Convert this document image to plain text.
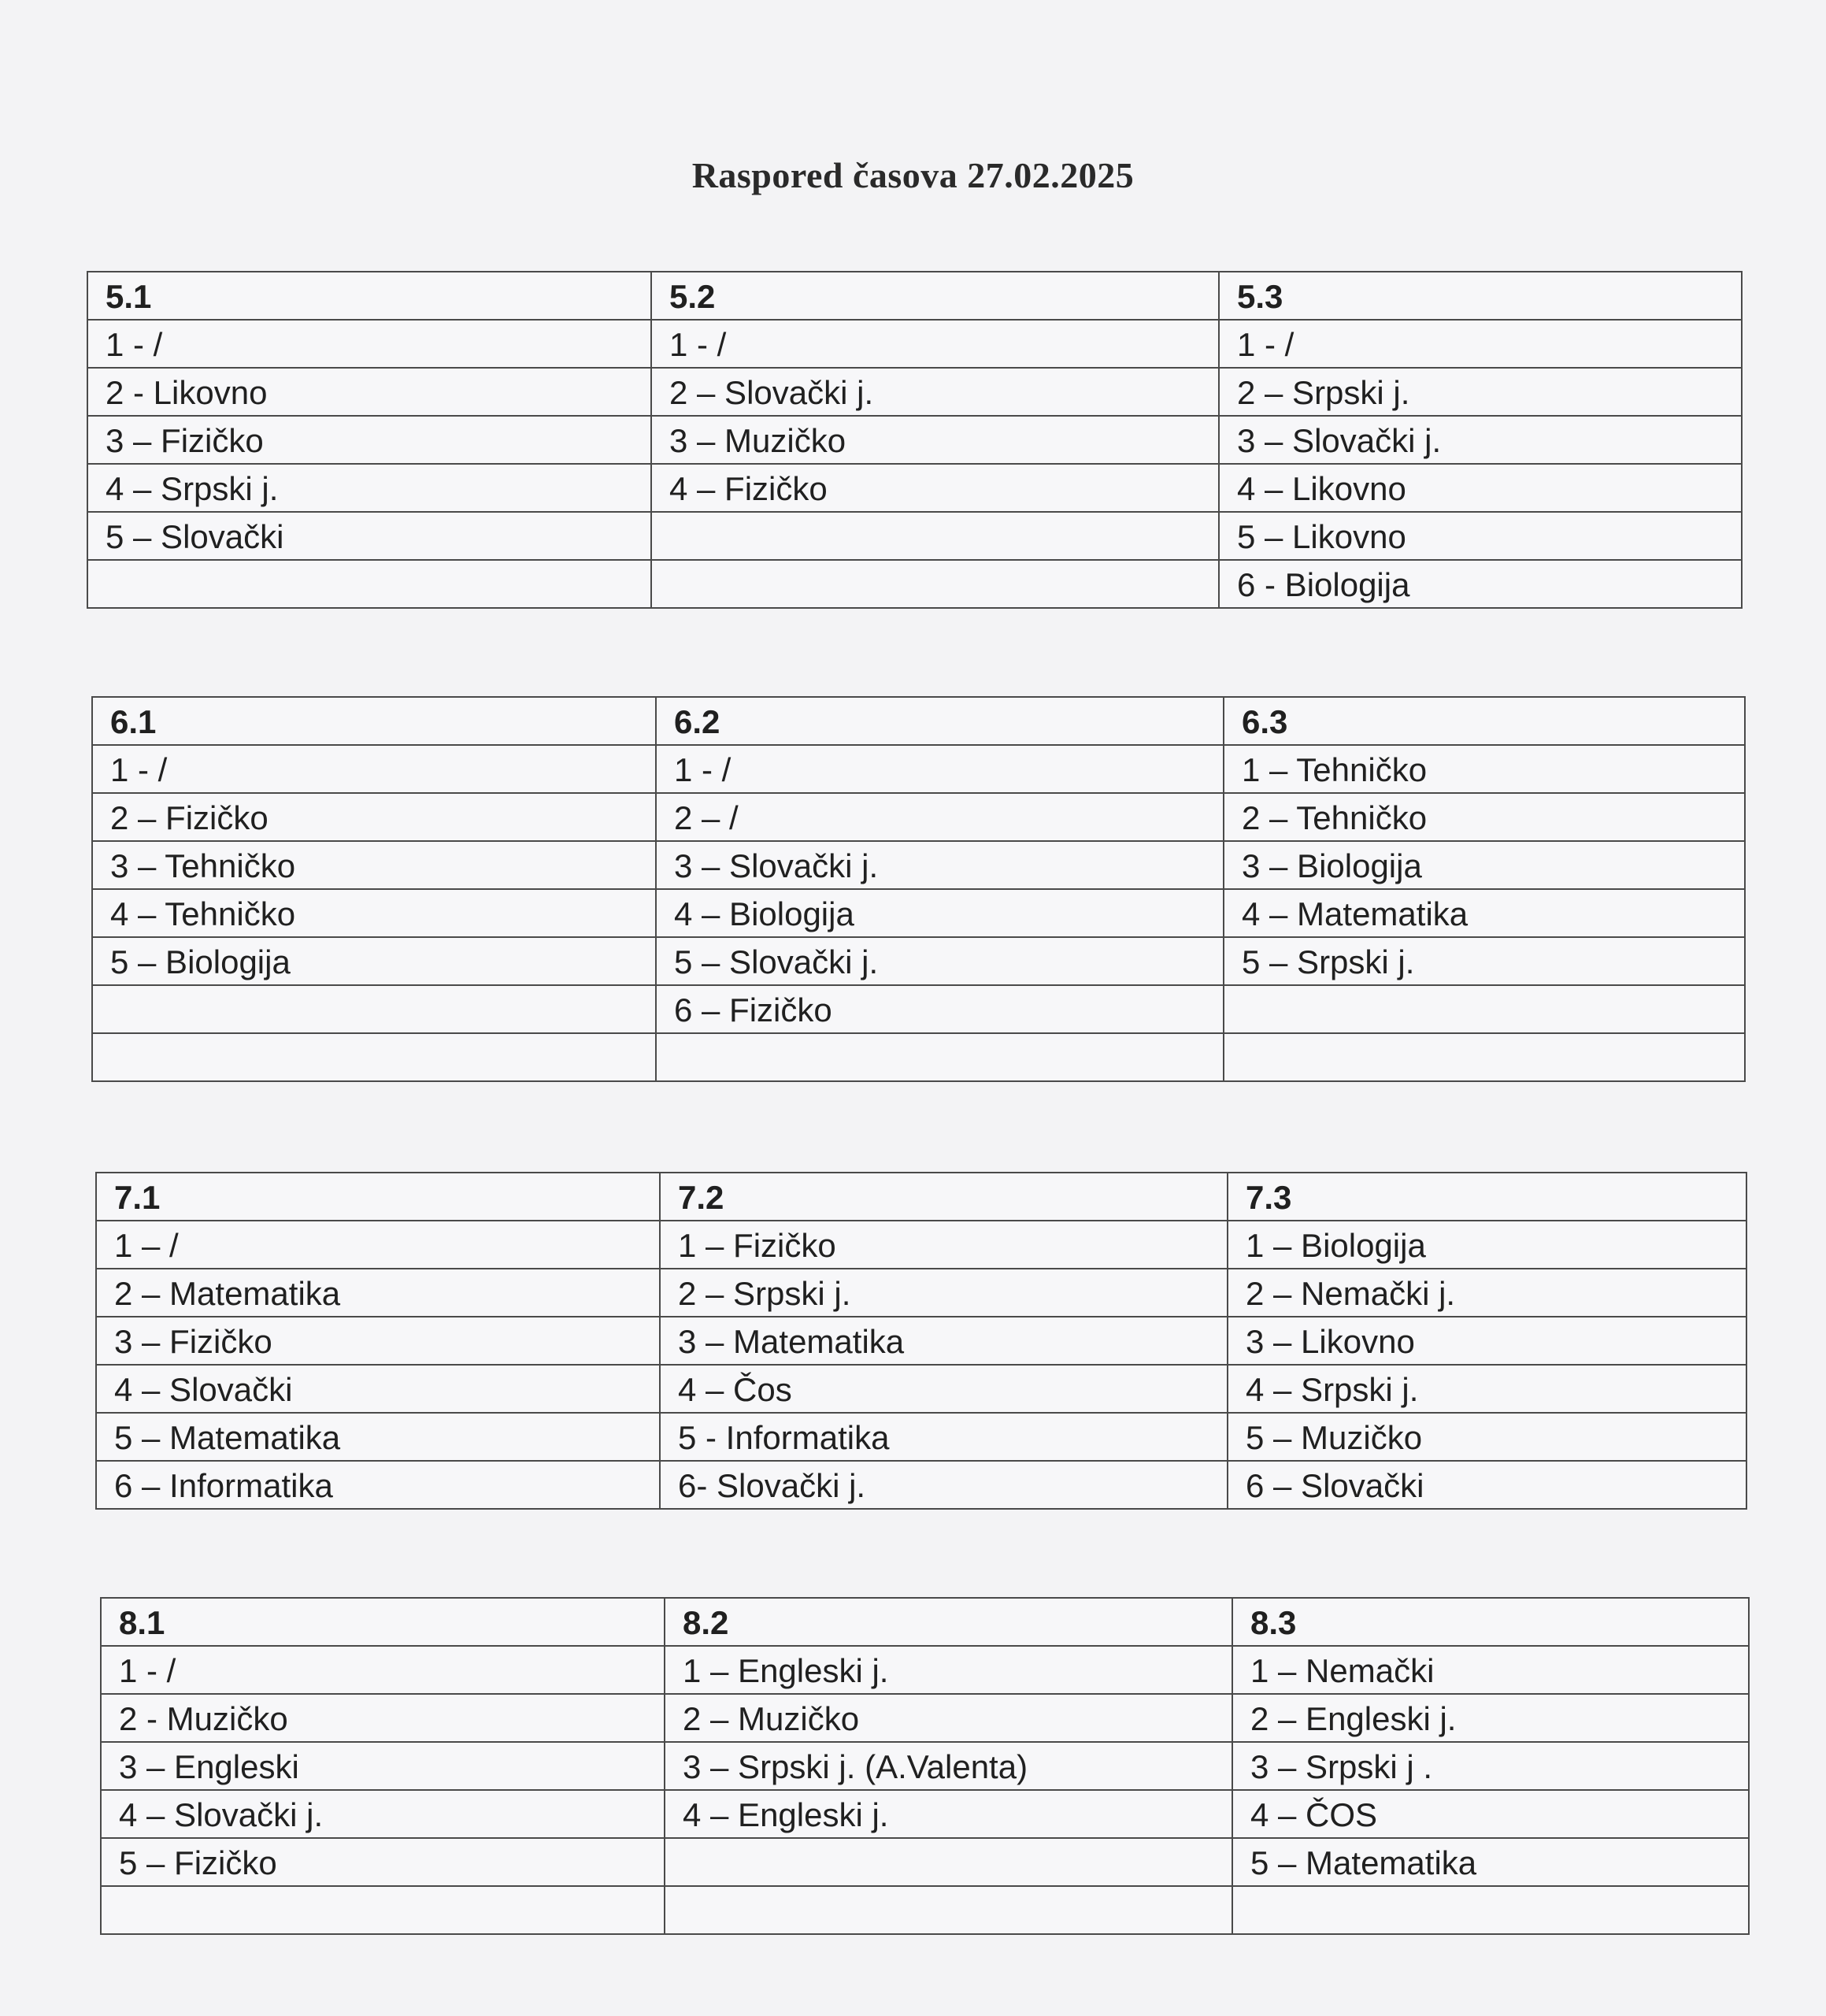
Raspored časova 27.02.2025
5.1	5.2	5.3
1 - /	1 - /	1 - /
2 - Likovno	2 – Slovački j.	2 – Srpski j.
3 – Fizičko	3 – Muzičko	3 – Slovački j.
4 – Srpski j.	4 – Fizičko	4 – Likovno
5 – Slovački		5 – Likovno
		6 - Biologija
6.1	6.2	6.3
1 - /	1 - /	1 – Tehničko
2 – Fizičko	2 – /	2 – Tehničko
3 – Tehničko	3 – Slovački j.	3 – Biologija
4 – Tehničko	4 – Biologija	4 – Matematika
5 – Biologija	5 – Slovački j.	5 – Srpski j.
	6 – Fizičko	

7.1	7.2	7.3
1 – /	1 – Fizičko	1 – Biologija
2 – Matematika	2 – Srpski j.	2 – Nemački j.
3 – Fizičko	3 – Matematika	3 – Likovno
4 – Slovački	4 – Čos	4 – Srpski j.
5 – Matematika	5 - Informatika	5 – Muzičko
6 – Informatika	6- Slovački j.	6 – Slovački
8.1	8.2	8.3
1 - /	1 – Engleski j.	1 – Nemački
2 - Muzičko	2 – Muzičko	2 – Engleski j.
3 – Engleski	3 – Srpski j. (A.Valenta)	3 – Srpski j .
4 – Slovački j.	4 – Engleski j.	4 – ČOS
5 – Fizičko		5 – Matematika
